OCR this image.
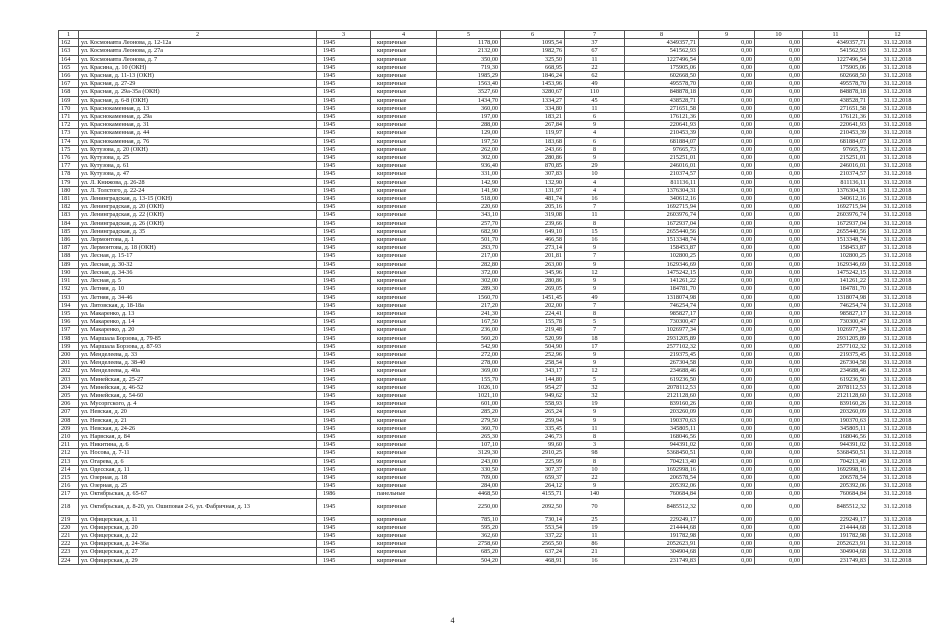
1	2	3	4	5	6	7	8	9	10	11	12
162	ул. Космонавта Леонова, д. 12-12а	1945	кирпичные	1178,00	1095,54	37	4349357,71	0,00	0,00	4349357,71	31.12.2018
163	ул. Космонавта Леонова, д. 27а	1945	кирпичные	2132,00	1982,76	67	541562,93	0,00	0,00	541562,93	31.12.2018
164	ул. Космонавта Леонова, д. 7	1945	кирпичные	350,00	325,50	11	1227496,54	0,00	0,00	1227496,54	31.12.2018
165	ул. Красина, д. 10 (ОКН)	1945	кирпичные	719,30	668,95	22	175905,06	0,00	0,00	175905,06	31.12.2018
166	ул. Красная, д. 11-13 (ОКН)	1945	кирпичные	1985,29	1846,24	62	602668,50	0,00	0,00	602668,50	31.12.2018
167	ул. Красная, д. 27-29	1945	кирпичные	1563,40	1453,96	49	495578,70	0,00	0,00	495578,70	31.12.2018
168	ул. Красная, д. 29а-35а (ОКН)	1945	кирпичные	3527,60	3280,67	110	848878,18	0,00	0,00	848878,18	31.12.2018
169	ул. Красная, д. 6-8 (ОКН)	1945	кирпичные	1434,70	1334,27	45	438528,71	0,00	0,00	438528,71	31.12.2018
170	ул. Краснокаменная, д. 13	1945	кирпичные	360,00	334,80	11	271651,58	0,00	0,00	271651,58	31.12.2018
171	ул. Краснокаменная, д. 29а	1945	кирпичные	197,00	183,21	6	176121,36	0,00	0,00	176121,36	31.12.2018
172	ул. Краснокаменная, д. 31	1945	кирпичные	288,00	267,84	9	220641,93	0,00	0,00	220641,93	31.12.2018
173	ул. Краснокаменная, д. 44	1945	кирпичные	129,00	119,97	4	210453,39	0,00	0,00	210453,39	31.12.2018
174	ул. Краснокаменная, д. 76	1945	кирпичные	197,50	183,68	6	681884,07	0,00	0,00	681884,07	31.12.2018
175	ул. Кутузова, д. 20 (ОКН)	1945	кирпичные	262,00	243,66	8	97665,73	0,00	0,00	97665,73	31.12.2018
176	ул. Кутузова, д. 25	1945	кирпичные	302,00	280,86	9	215251,01	0,00	0,00	215251,01	31.12.2018
177	ул. Кутузова, д. 61	1945	кирпичные	936,40	870,85	29	246016,01	0,00	0,00	246016,01	31.12.2018
178	ул. Кутузова, д. 47	1945	кирпичные	331,00	307,83	10	210374,57	0,00	0,00	210374,57	31.12.2018
179	ул. Л. Книжова, д. 26-28	1945	кирпичные	142,90	132,90	4	811136,11	0,00	0,00	811136,11	31.12.2018
180	ул. Л. Толстого, д. 22-24	1945	кирпичные	141,90	131,97	4	1376304,31	0,00	0,00	1376304,31	31.12.2018
181	ул. Ленинградская, д. 13-15 (ОКН)	1945	кирпичные	518,00	481,74	16	340612,16	0,00	0,00	340612,16	31.12.2018
182	ул. Ленинградская, д. 20 (ОКН)	1945	кирпичные	220,60	205,16	7	1692715,94	0,00	0,00	1692715,94	31.12.2018
183	ул. Ленинградская, д. 22 (ОКН)	1945	кирпичные	343,10	319,08	11	2603976,74	0,00	0,00	2603976,74	31.12.2018
184	ул. Ленинградская, д. 26 (ОКН)	1945	кирпичные	257,70	239,66	8	1672937,04	0,00	0,00	1672937,04	31.12.2018
185	ул. Ленинградская, д. 35	1945	кирпичные	682,90	649,10	15	2655440,56	0,00	0,00	2655440,56	31.12.2018
186	ул. Лермонтова, д. 1	1945	кирпичные	501,70	466,58	16	1513348,74	0,00	0,00	1513348,74	31.12.2018
187	ул. Лермонтова, д. 18 (ОКН)	1945	кирпичные	293,70	273,14	9	158453,87	0,00	0,00	158453,87	31.12.2018
188	ул. Лесная, д. 15-17	1945	кирпичные	217,00	201,81	7	102800,25	0,00	0,00	102800,25	31.12.2018
189	ул. Лесная, д. 30-32	1945	кирпичные	282,80	263,00	9	1629346,69	0,00	0,00	1629346,69	31.12.2018
190	ул. Лесная, д. 34-36	1945	кирпичные	372,00	345,96	12	1475242,15	0,00	0,00	1475242,15	31.12.2018
191	ул. Лесная, д. 5	1945	кирпичные	302,00	280,86	9	141261,22	0,00	0,00	141261,22	31.12.2018
192	ул. Летняя, д. 10	1945	кирпичные	289,30	269,05	9	184781,70	0,00	0,00	184781,70	31.12.2018
193	ул. Летняя, д. 34-46	1945	кирпичные	1560,70	1451,45	49	1318074,98	0,00	0,00	1318074,98	31.12.2018
194	ул. Литовская, д. 18-18а	1945	кирпичные	217,20	202,00	7	746254,74	0,00	0,00	746254,74	31.12.2018
195	ул. Макаренко, д. 13	1945	кирпичные	241,30	224,41	8	985827,17	0,00	0,00	985827,17	31.12.2018
196	ул. Макаренко, д. 14	1945	кирпичные	167,50	155,78	5	730300,47	0,00	0,00	730300,47	31.12.2018
197	ул. Макаренко, д. 20	1945	кирпичные	236,00	219,48	7	1026977,34	0,00	0,00	1026977,34	31.12.2018
198	ул. Маршала Борзова, д. 79-85	1945	кирпичные	560,20	520,99	18	2931205,89	0,00	0,00	2931205,89	31.12.2018
199	ул. Маршала Борзова, д. 87-93	1945	кирпичные	542,90	504,90	17	2577102,32	0,00	0,00	2577102,32	31.12.2018
200	ул. Менделеева, д. 33	1945	кирпичные	272,00	252,96	9	219375,45	0,00	0,00	219375,45	31.12.2018
201	ул. Менделеева, д. 38-40	1945	кирпичные	278,00	258,54	9	267304,58	0,00	0,00	267304,58	31.12.2018
202	ул. Менделеева, д. 40а	1945	кирпичные	369,00	343,17	12	234688,46	0,00	0,00	234688,46	31.12.2018
203	ул. Минейская, д. 25-27	1945	кирпичные	155,70	144,80	5	619236,50	0,00	0,00	619236,50	31.12.2018
204	ул. Минейская, д. 46-52	1945	кирпичные	1026,10	954,27	32	2078112,53	0,00	0,00	2078112,53	31.12.2018
205	ул. Минейская, д. 54-60	1945	кирпичные	1021,10	949,62	32	2121128,60	0,00	0,00	2121128,60	31.12.2018
206	ул. Мусоргского, д. 4	1945	кирпичные	601,00	558,93	19	839160,26	0,00	0,00	839160,26	31.12.2018
207	ул. Невская, д. 20	1945	кирпичные	285,20	265,24	9	203260,09	0,00	0,00	203260,09	31.12.2018
208	ул. Невская, д. 21	1945	кирпичные	279,50	259,94	9	190370,63	0,00	0,00	190370,63	31.12.2018
209	ул. Невская, д. 24-26	1945	кирпичные	360,70	335,45	11	345805,11	0,00	0,00	345805,11	31.12.2018
210	ул. Нарвская, д. 84	1945	кирпичные	265,30	246,73	8	168046,56	0,00	0,00	168046,56	31.12.2018
211	ул. Никитина, д. 6	1945	кирпичные	107,10	99,60	3	944391,02	0,00	0,00	944391,02	31.12.2018
212	ул. Носова, д. 7-11	1945	кирпичные	3129,30	2910,25	98	5368450,51	0,00	0,00	5368450,51	31.12.2018
213	ул. Огарева, д. 6	1945	кирпичные	243,00	225,99	8	704213,40	0,00	0,00	704213,40	31.12.2018
214	ул. Одесская, д. 11	1945	кирпичные	330,50	307,37	10	1692998,16	0,00	0,00	1692998,16	31.12.2018
215	ул. Озерная, д. 18	1945	кирпичные	709,00	659,37	22	206578,54	0,00	0,00	206578,54	31.12.2018
216	ул. Озерная, д. 25	1945	кирпичные	284,00	264,12	9	205392,06	0,00	0,00	205392,06	31.12.2018
217	ул. Октябрьская, д. 65-67	1986	панельные	4468,50	4155,71	140	760684,84	0,00	0,00	760684,84	31.12.2018
218	ул. Октябрьская, д. 8-20, ул. Ошиповая 2-6, ул. Фабричная, д. 13	1945	кирпичные	2250,00	2092,50	70	8485512,32	0,00	0,00	8485512,32	31.12.2018
219	ул. Офицерская, д. 11	1945	кирпичные	785,10	730,14	25	229249,17	0,00	0,00	229249,17	31.12.2018
220	ул. Офицерская, д. 20	1945	кирпичные	595,20	553,54	19	214444,68	0,00	0,00	214444,68	31.12.2018
221	ул. Офицерская, д. 22	1945	кирпичные	362,60	337,22	11	191782,98	0,00	0,00	191782,98	31.12.2018
222	ул. Офицерская, д. 24-36а	1945	кирпичные	2758,60	2565,50	86	2052623,91	0,00	0,00	2052623,91	31.12.2018
223	ул. Офицерская, д. 27	1945	кирпичные	685,20	637,24	21	304904,68	0,00	0,00	304904,68	31.12.2018
224	ул. Офицерская, д. 29	1945	кирпичные	504,20	468,91	16	231749,83	0,00	0,00	231749,83	31.12.2018
4
